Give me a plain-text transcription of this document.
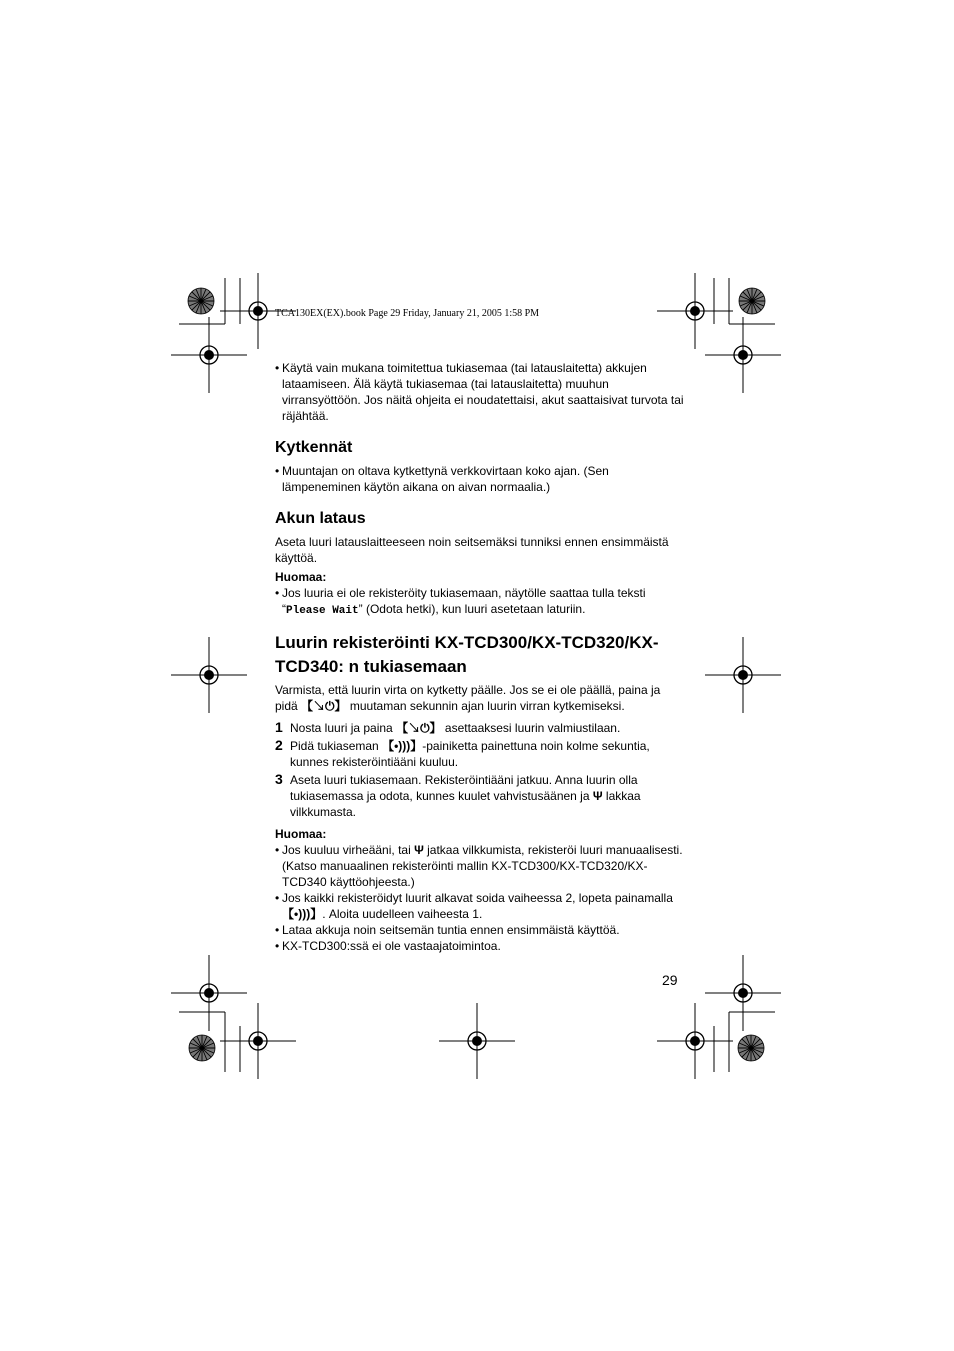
TCA130EX(EX).book Page 29 Friday, January 21, 2005 1:58 PM

• Käytä vain mukana toimitettua tukiasemaa (tai latauslaitetta) akkujen lataamiseen. Älä käytä tukiasemaa (tai latauslaitetta) muuhun virransyöttöön. Jos näitä ohjeita ei noudatettaisi, akut saattaisivat turvota tai räjähtää.

Kytkennät

• Muuntajan on oltava kytkettynä verkkovirtaan koko ajan. (Sen lämpeneminen käytön aikana on aivan normaalia.)

Akun lataus

Aseta luuri latauslaitteeseen noin seitsemäksi tunniksi ennen ensimmäistä käyttöä.

Huomaa:

• Jos luuria ei ole rekisteröity tukiasemaan, näytölle saattaa tulla teksti “Please Wait” (Odota hetki), kun luuri asetetaan laturiin.

Luurin rekisteröinti KX-TCD300/KX-TCD320/KX-TCD340: n tukiasemaan

Varmista, että luurin virta on kytketty päälle. Jos se ei ole päällä, paina ja pidä 【↘⏻】 muutaman sekunnin ajan luurin virran kytkemiseksi.

1 Nosta luuri ja paina 【↘⏻】 asettaaksesi luurin valmiustilaan.
2 Pidä tukiaseman 【•)))】-painiketta painettuna noin kolme sekuntia, kunnes rekisteröintiääni kuuluu.
3 Aseta luuri tukiasemaan. Rekisteröintiääni jatkuu. Anna luurin olla tukiasemassa ja odota, kunnes kuulet vahvistusäänen ja Ψ lakkaa vilkkumasta.
Huomaa:

• Jos kuuluu virheääni, tai Ψ jatkaa vilkkumista, rekisteröi luuri manuaalisesti. (Katso manuaalinen rekisteröinti mallin KX-TCD300/KX-TCD320/KX-TCD340 käyttöohjeesta.)

• Jos kaikki rekisteröidyt luurit alkavat soida vaiheessa 2, lopeta painamalla 【•)))】. Aloita uudelleen vaiheesta 1.

• Lataa akkuja noin seitsemän tuntia ennen ensimmäistä käyttöä.

• KX-TCD300:ssä ei ole vastaajatoimintoa.

29
